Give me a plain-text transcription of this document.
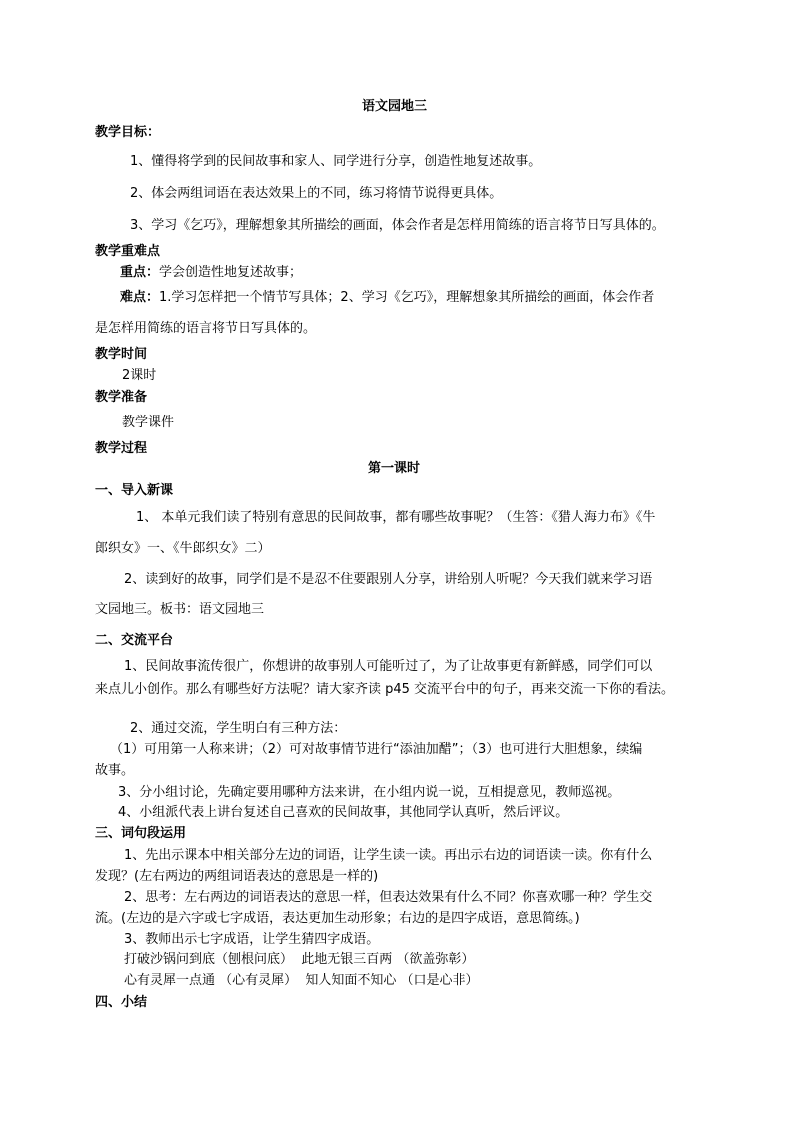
语文园地三
教学目标：
1、懂得将学到的民间故事和家人、同学进行分享，创造性地复述故事。
2、体会两组词语在表达效果上的不同，练习将情节说得更具体。
3、学习《乞巧》，理解想象其所描绘的画面，体会作者是怎样用简练的语言将节日写具体的。
教学重难点
重点：学会创造性地复述故事；
难点：1.学习怎样把一个情节写具体；2、学习《乞巧》，理解想象其所描绘的画面，体会作者
是怎样用简练的语言将节日写具体的。
教学时间
2课时
教学准备
教学课件
教学过程
第一课时
一、导入新课
1、 本单元我们读了特别有意思的民间故事，都有哪些故事呢？（生答：《猎人海力布》《牛
郎织女》一、《牛郎织女》二）
2、读到好的故事，同学们是不是忍不住要跟别人分享，讲给别人听呢？今天我们就来学习语
文园地三。板书：语文园地三
二、交流平台
1、民间故事流传很广，你想讲的故事别人可能听过了，为了让故事更有新鲜感，同学们可以
来点儿小创作。那么有哪些好方法呢？请大家齐读 p45 交流平台中的句子，再来交流一下你的看法。
2、通过交流，学生明白有三种方法：
（1）可用第一人称来讲；（2）可对故事情节进行“添油加醋”；（3）也可进行大胆想象，续编
故事。
3、分小组讨论，先确定要用哪种方法来讲，在小组内说一说，互相提意见，教师巡视。
4、小组派代表上讲台复述自己喜欢的民间故事，其他同学认真听，然后评议。
三、词句段运用
1、先出示课本中相关部分左边的词语，让学生读一读。再出示右边的词语读一读。你有什么
发现？(左右两边的两组词语表达的意思是一样的)
2、思考：左右两边的词语表达的意思一样，但表达效果有什么不同？你喜欢哪一种？学生交
流。(左边的是六字或七字成语，表达更加生动形象；右边的是四字成语，意思简练。)
3、教师出示七字成语，让学生猜四字成语。
打破沙锅问到底（刨根问底）  此地无银三百两 （欲盖弥彰）
心有灵犀一点通 （心有灵犀）  知人知面不知心 （口是心非）
四、小结
